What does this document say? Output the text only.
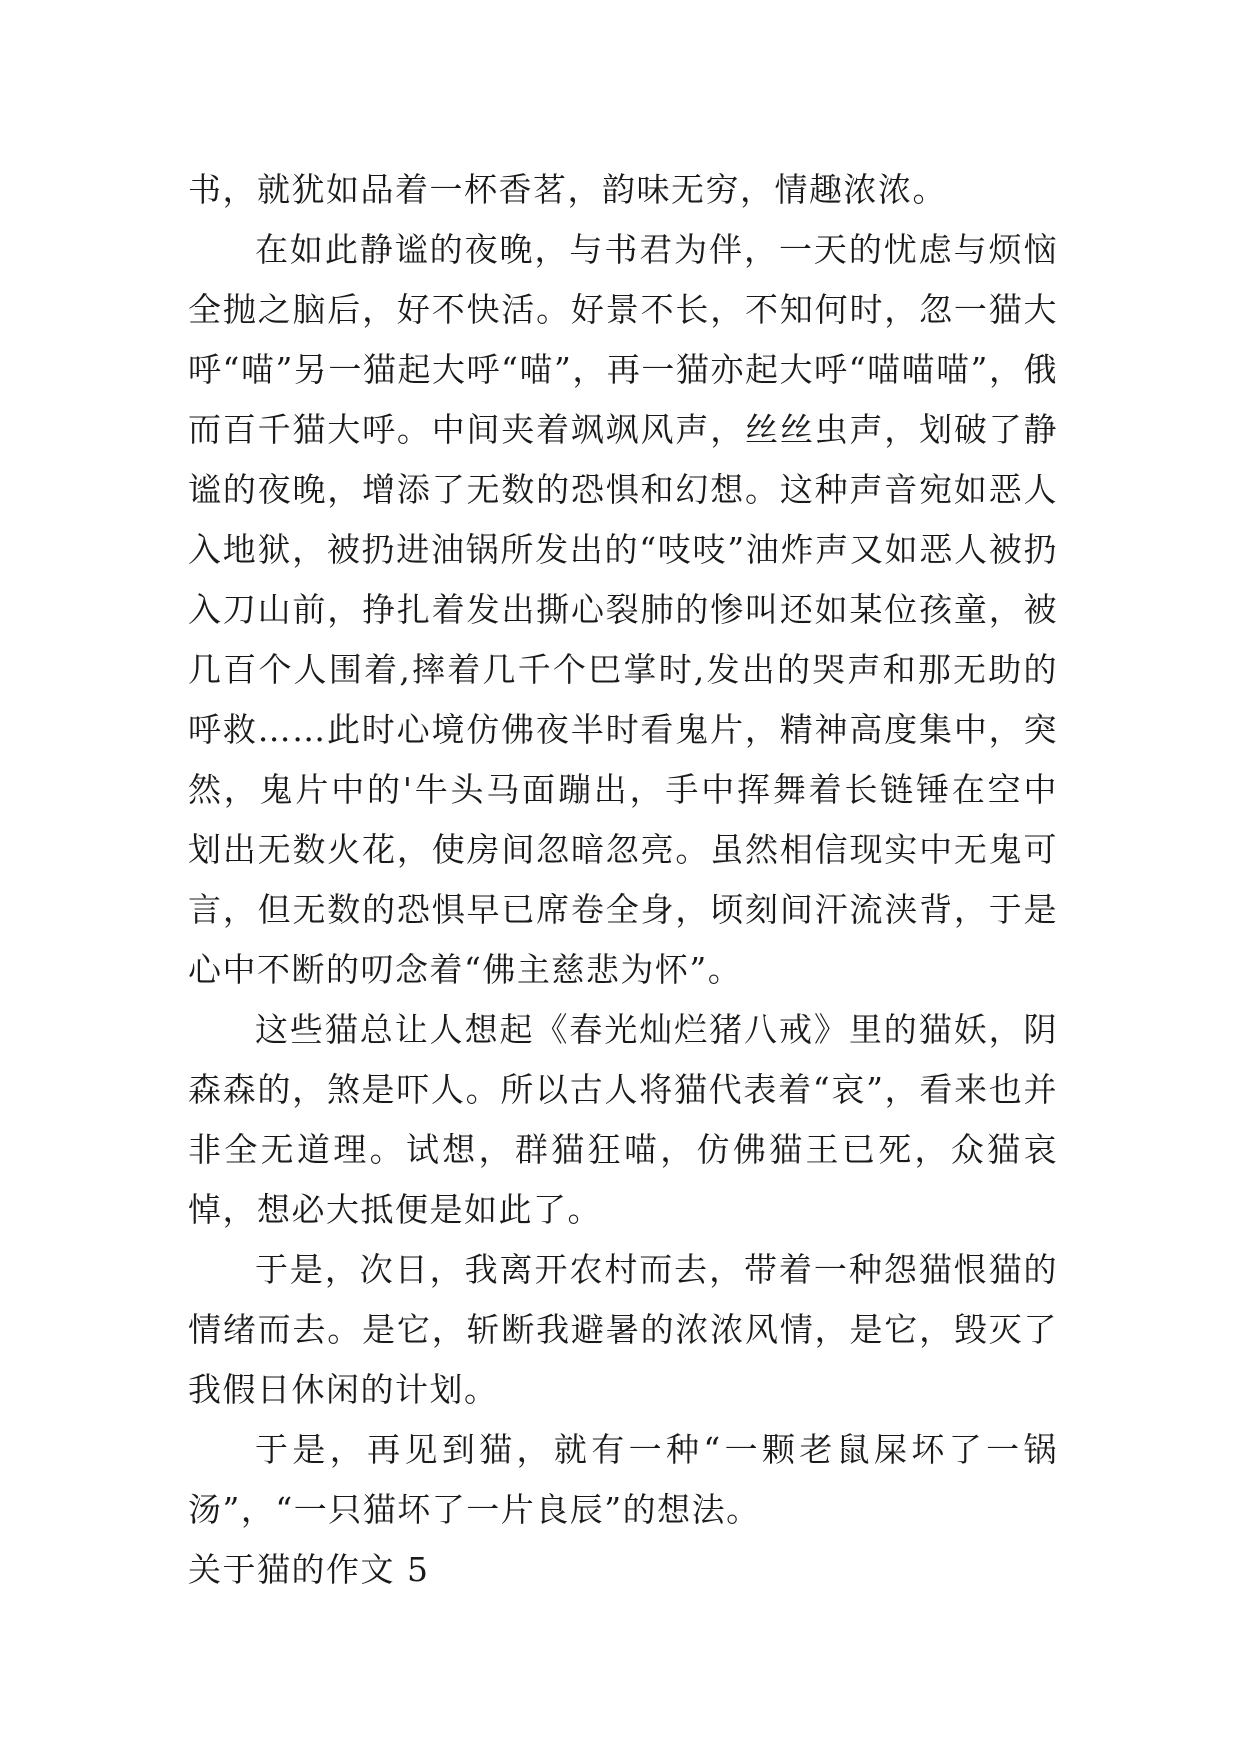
书，就犹如品着一杯香茗，韵味无穷，情趣浓浓。

在如此静谧的夜晚，与书君为伴，一天的忧虑与烦恼全抛之脑后，好不快活。好景不长，不知何时，忽一猫大呼“喵”另一猫起大呼“喵”，再一猫亦起大呼“喵喵喵”，俄而百千猫大呼。中间夹着飒飒风声，丝丝虫声，划破了静谧的夜晚，增添了无数的恐惧和幻想。这种声音宛如恶人入地狱，被扔进油锅所发出的“吱吱”油炸声又如恶人被扔入刀山前，挣扎着发出撕心裂肺的惨叫还如某位孩童，被几百个人围着,摔着几千个巴掌时,发出的哭声和那无助的呼救……此时心境仿佛夜半时看鬼片，精神高度集中，突然，鬼片中的'牛头马面蹦出，手中挥舞着长链锤在空中划出无数火花，使房间忽暗忽亮。虽然相信现实中无鬼可言，但无数的恐惧早已席卷全身，顷刻间汗流浃背，于是心中不断的叨念着“佛主慈悲为怀”。

这些猫总让人想起《春光灿烂猪八戒》里的猫妖，阴森森的，煞是吓人。所以古人将猫代表着“哀”，看来也并非全无道理。试想，群猫狂喵，仿佛猫王已死，众猫哀悼，想必大抵便是如此了。

于是，次日，我离开农村而去，带着一种怨猫恨猫的情绪而去。是它，斩断我避暑的浓浓风情，是它，毁灭了我假日休闲的计划。

于是，再见到猫，就有一种“一颗老鼠屎坏了一锅汤”，“一只猫坏了一片良辰”的想法。

关于猫的作文 5
